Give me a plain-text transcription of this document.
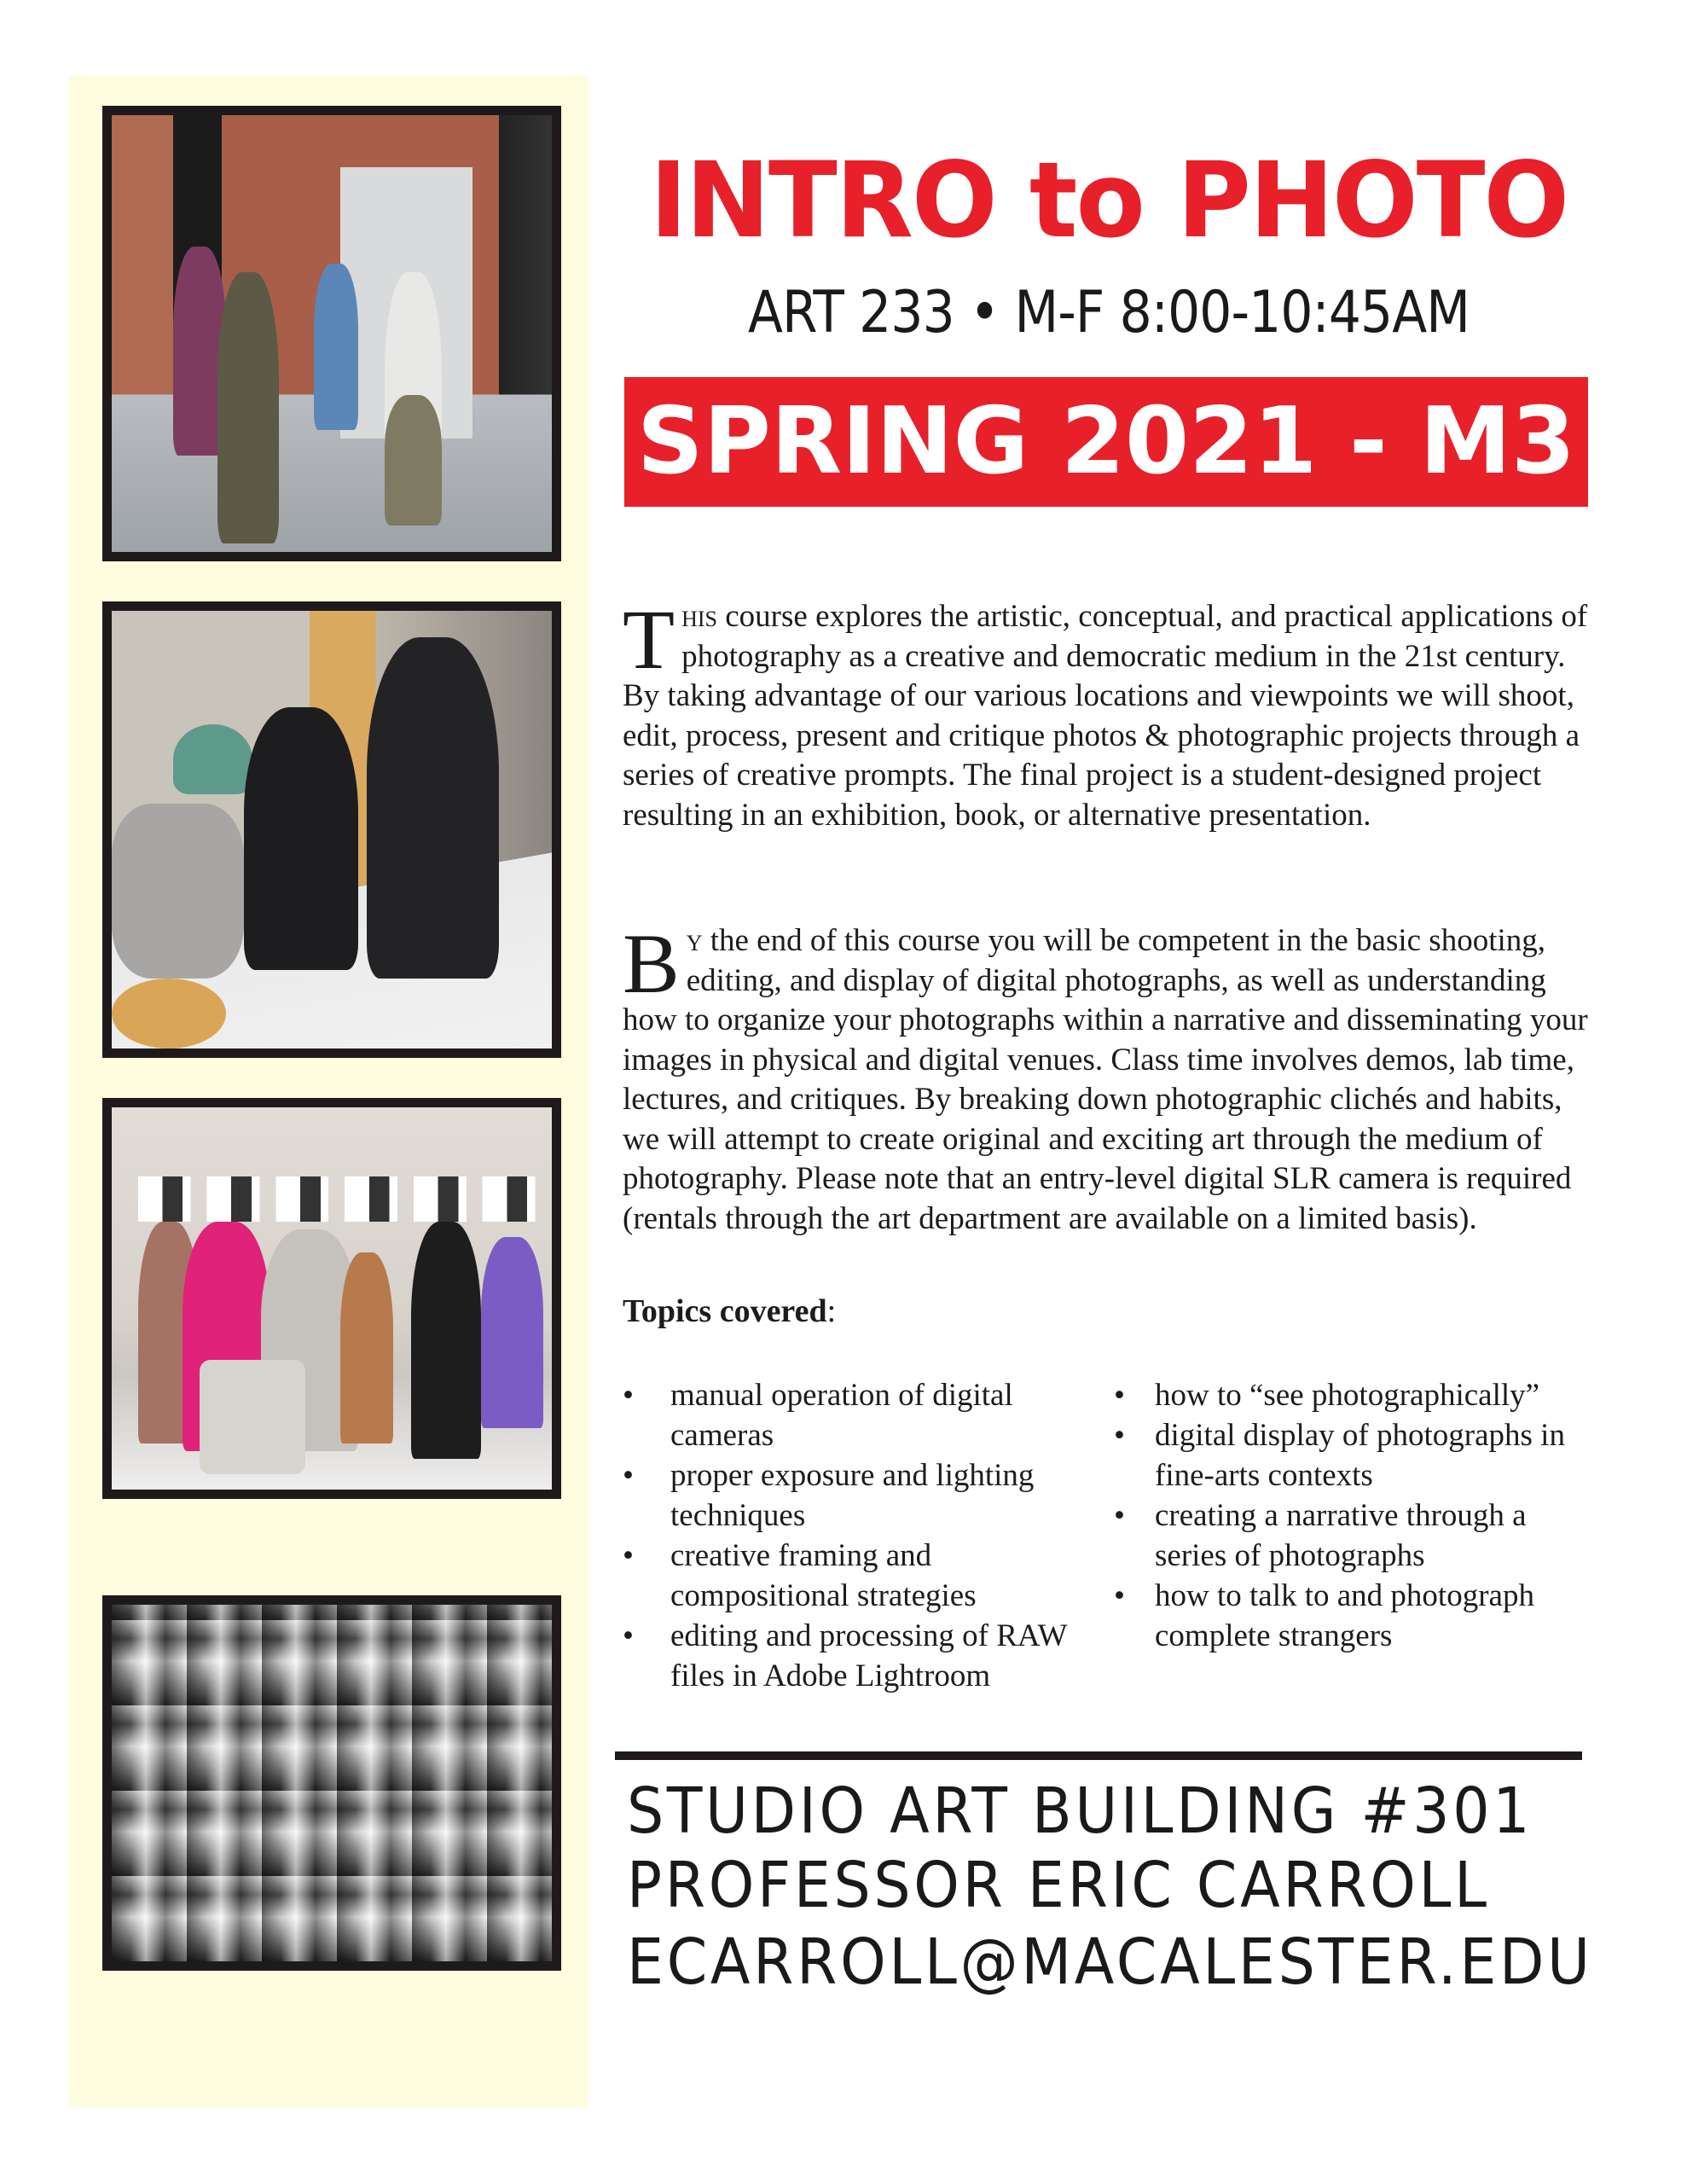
INTRO to PHOTO
ART 233 • M-F 8:00-10:45AM
SPRING 2021 - M3

This course explores the artistic, conceptual, and practical applications of photography as a creative and democratic medium in the 21st century. By taking advantage of our various locations and viewpoints we will shoot, edit, process, present and critique photos & photographic projects through a series of creative prompts. The final project is a student-designed project resulting in an exhibition, book, or alternative presentation.

By the end of this course you will be competent in the basic shooting, editing, and display of digital photographs, as well as understanding how to organize your photographs within a narrative and disseminating your images in physical and digital venues. Class time involves demos, lab time, lectures, and critiques. By breaking down photographic clichés and habits, we will attempt to create original and exciting art through the medium of photography. Please note that an entry-level digital SLR camera is required (rentals through the art department are available on a limited basis).

Topics covered:
• manual operation of digital cameras
• proper exposure and lighting techniques
• creative framing and compositional strategies
• editing and processing of RAW files in Adobe Lightroom
• how to “see photographically”
• digital display of photographs in fine-arts contexts
• creating a narrative through a series of photographs
• how to talk to and photograph complete strangers
STUDIO ART BUILDING #301
PROFESSOR ERIC CARROLL
ECARROLL@MACALESTER.EDU
